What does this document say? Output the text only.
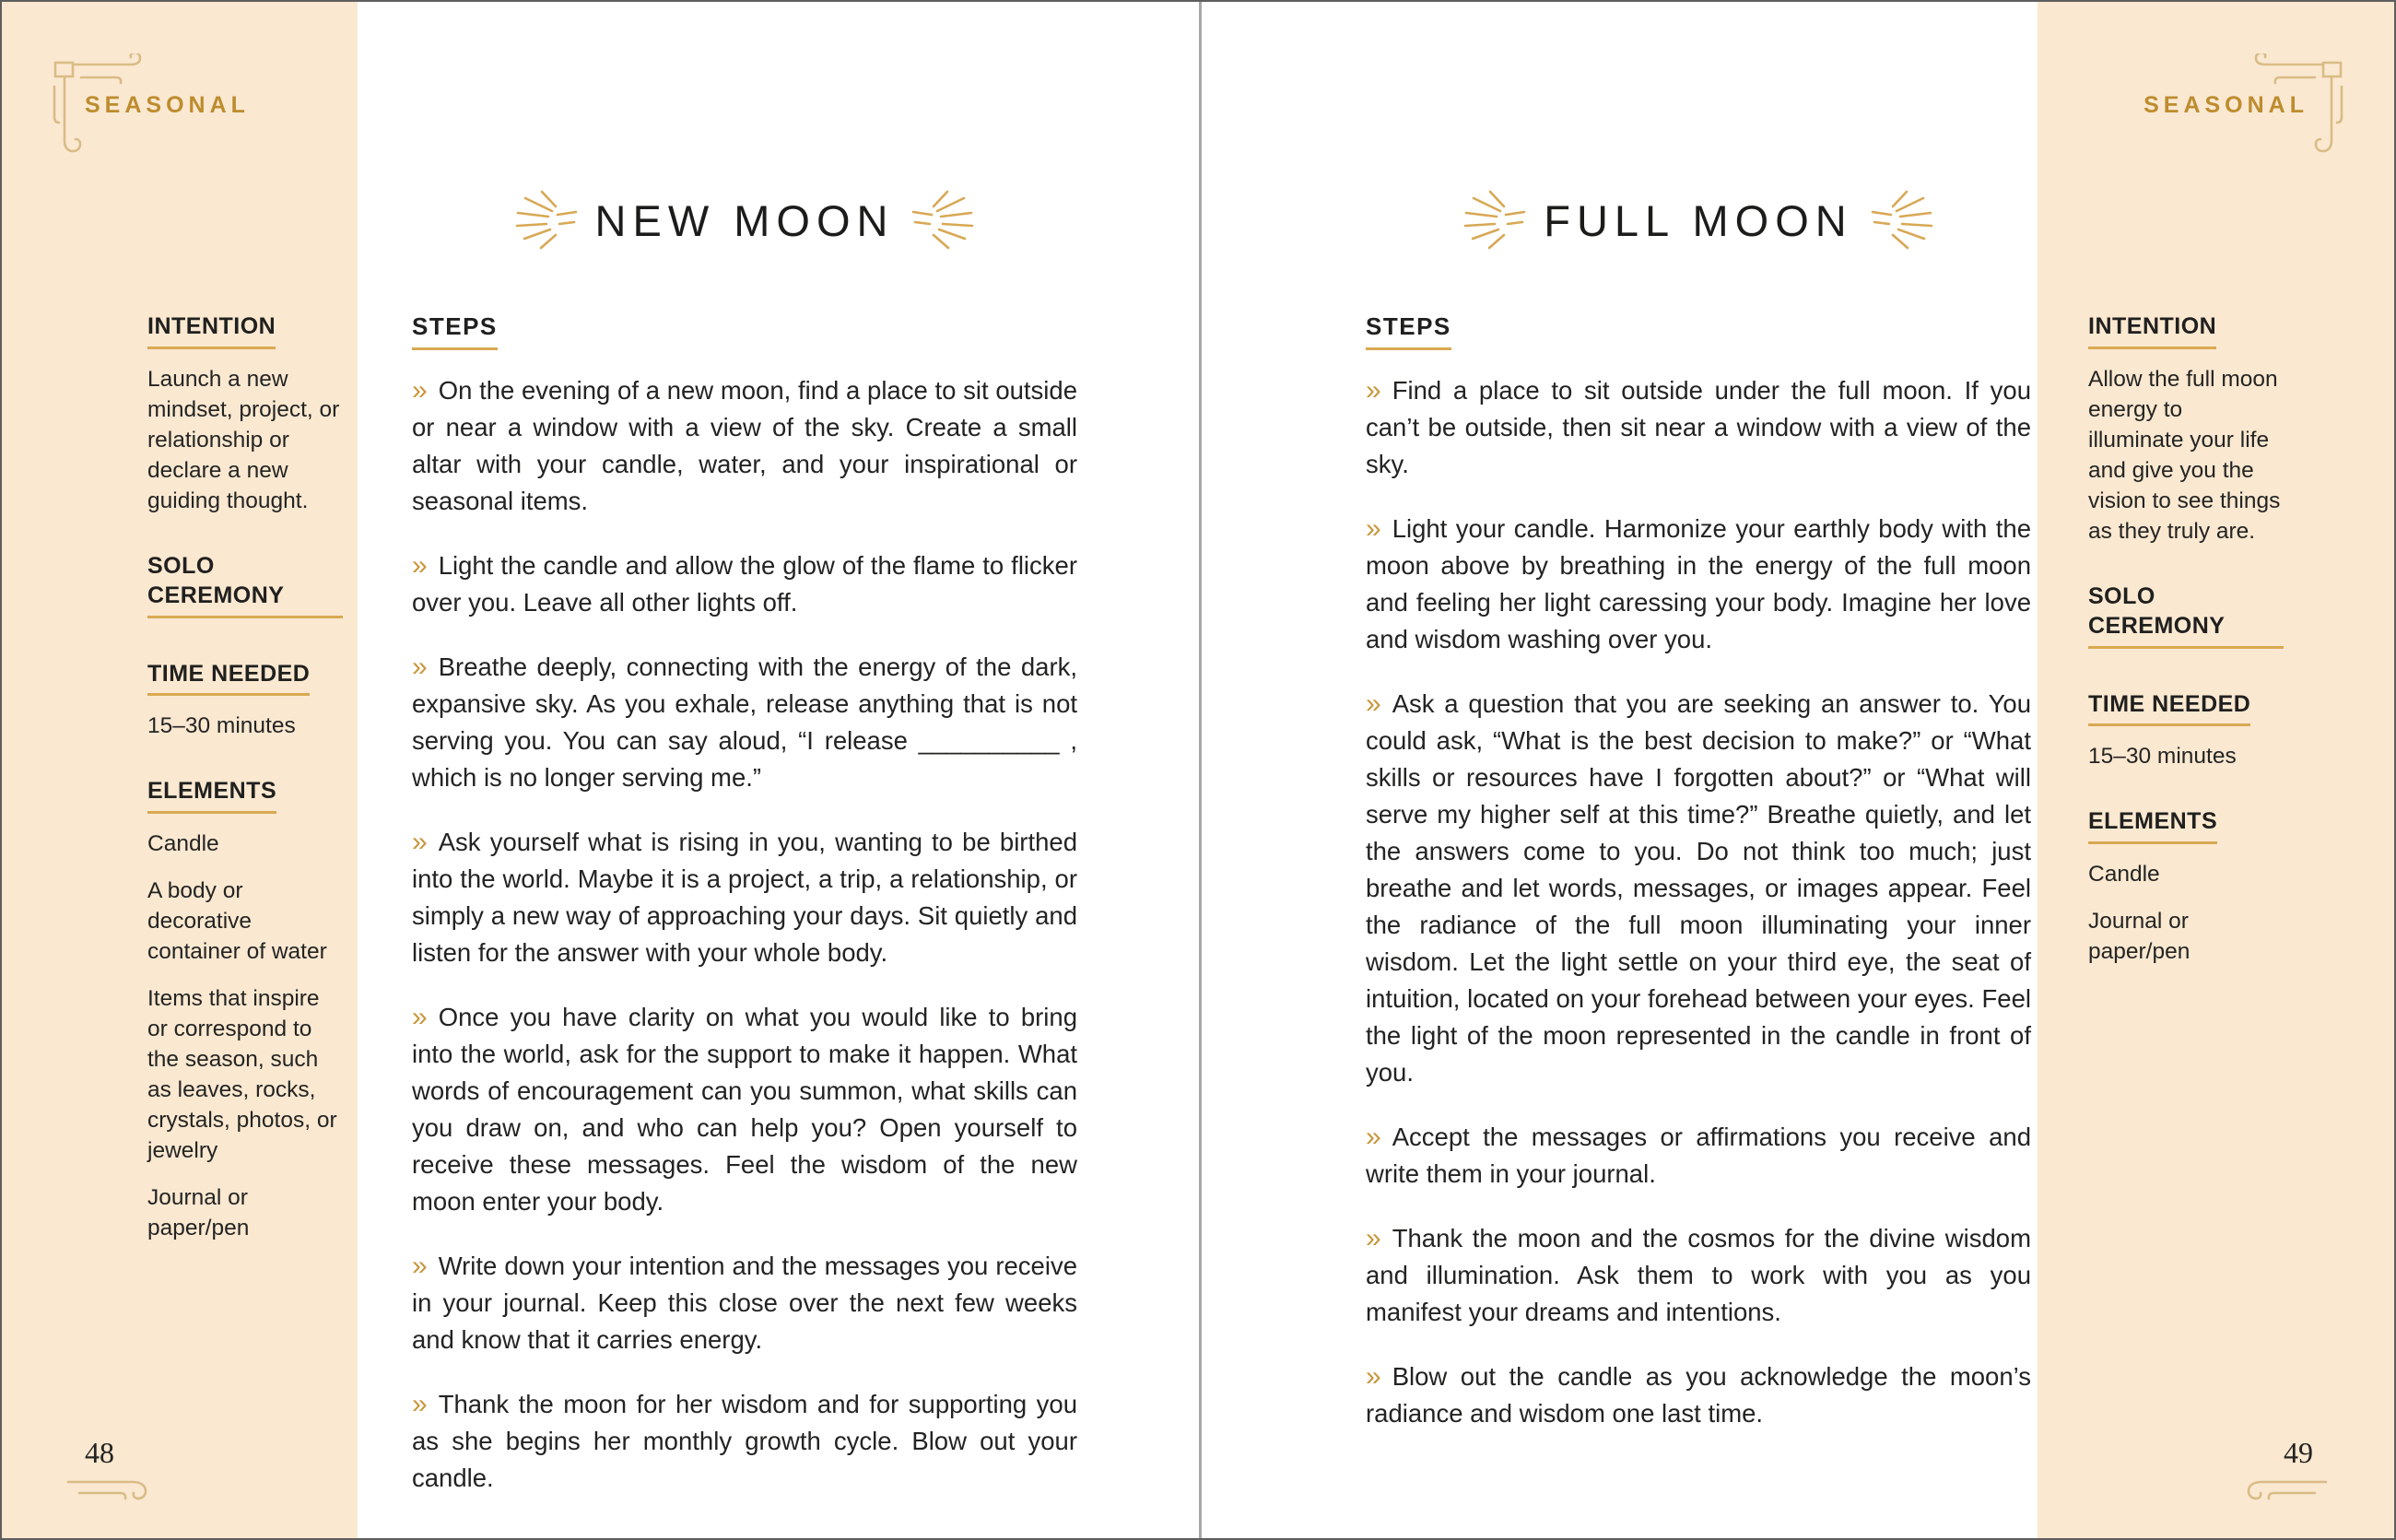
SEASONAL	SEASONAL
NEW MOON	FULL MOON
STEPS

» On the evening of a new moon, find a place to sit outside or near a window with a view of the sky. Create a small altar with your candle, water, and your inspirational or seasonal items.

» Light the candle and allow the glow of the flame to flicker over you. Leave all other lights off.

» Breathe deeply, connecting with the energy of the dark, expansive sky. As you exhale, release anything that is not serving you. You can say aloud, “I release __________ , which is no longer serving me.”

» Ask yourself what is rising in you, wanting to be birthed into the world. Maybe it is a project, a trip, a relationship, or simply a new way of approaching your days. Sit quietly and listen for the answer with your whole body.

» Once you have clarity on what you would like to bring into the world, ask for the support to make it happen. What words of encouragement can you summon, what skills can you draw on, and who can help you? Open yourself to receive these messages. Feel the wisdom of the new moon enter your body.

» Write down your intention and the messages you receive in your journal. Keep this close over the next few weeks and know that it carries energy.

» Thank the moon for her wisdom and for supporting you as she begins her monthly growth cycle. Blow out your candle.

STEPS

» Find a place to sit outside under the full moon. If you can’t be outside, then sit near a window with a view of the sky.

» Light your candle. Harmonize your earthly body with the moon above by breathing in the energy of the full moon and feeling her light caressing your body. Imagine her love and wisdom washing over you.

» Ask a question that you are seeking an answer to. You could ask, “What is the best decision to make?” or “What skills or resources have I forgotten about?” or “What will serve my higher self at this time?” Breathe quietly, and let the answers come to you. Do not think too much; just breathe and let words, messages, or images appear. Feel the radiance of the full moon illuminating your inner wisdom. Let the light settle on your third eye, the seat of intuition, located on your forehead between your eyes. Feel the light of the moon represented in the candle in front of you.

» Accept the messages or affirmations you receive and write them in your journal.

» Thank the moon and the cosmos for the divine wisdom and illumination. Ask them to work with you as you manifest your dreams and intentions.

» Blow out the candle as you acknowledge the moon’s radiance and wisdom one last time.

INTENTION

Launch a new mindset, project, or relationship or declare a new guiding thought.

SOLO CEREMONY
TIME NEEDED

15–30 minutes

ELEMENTS

Candle

A body or decorative container of water

Items that inspire or correspond to the season, such as leaves, rocks, crystals, photos, or jewelry

Journal or paper/pen

INTENTION

Allow the full moon energy to illuminate your life and give you the vision to see things as they truly are.

SOLO CEREMONY
TIME NEEDED

15–30 minutes

ELEMENTS

Candle

Journal or paper/pen

48	49
